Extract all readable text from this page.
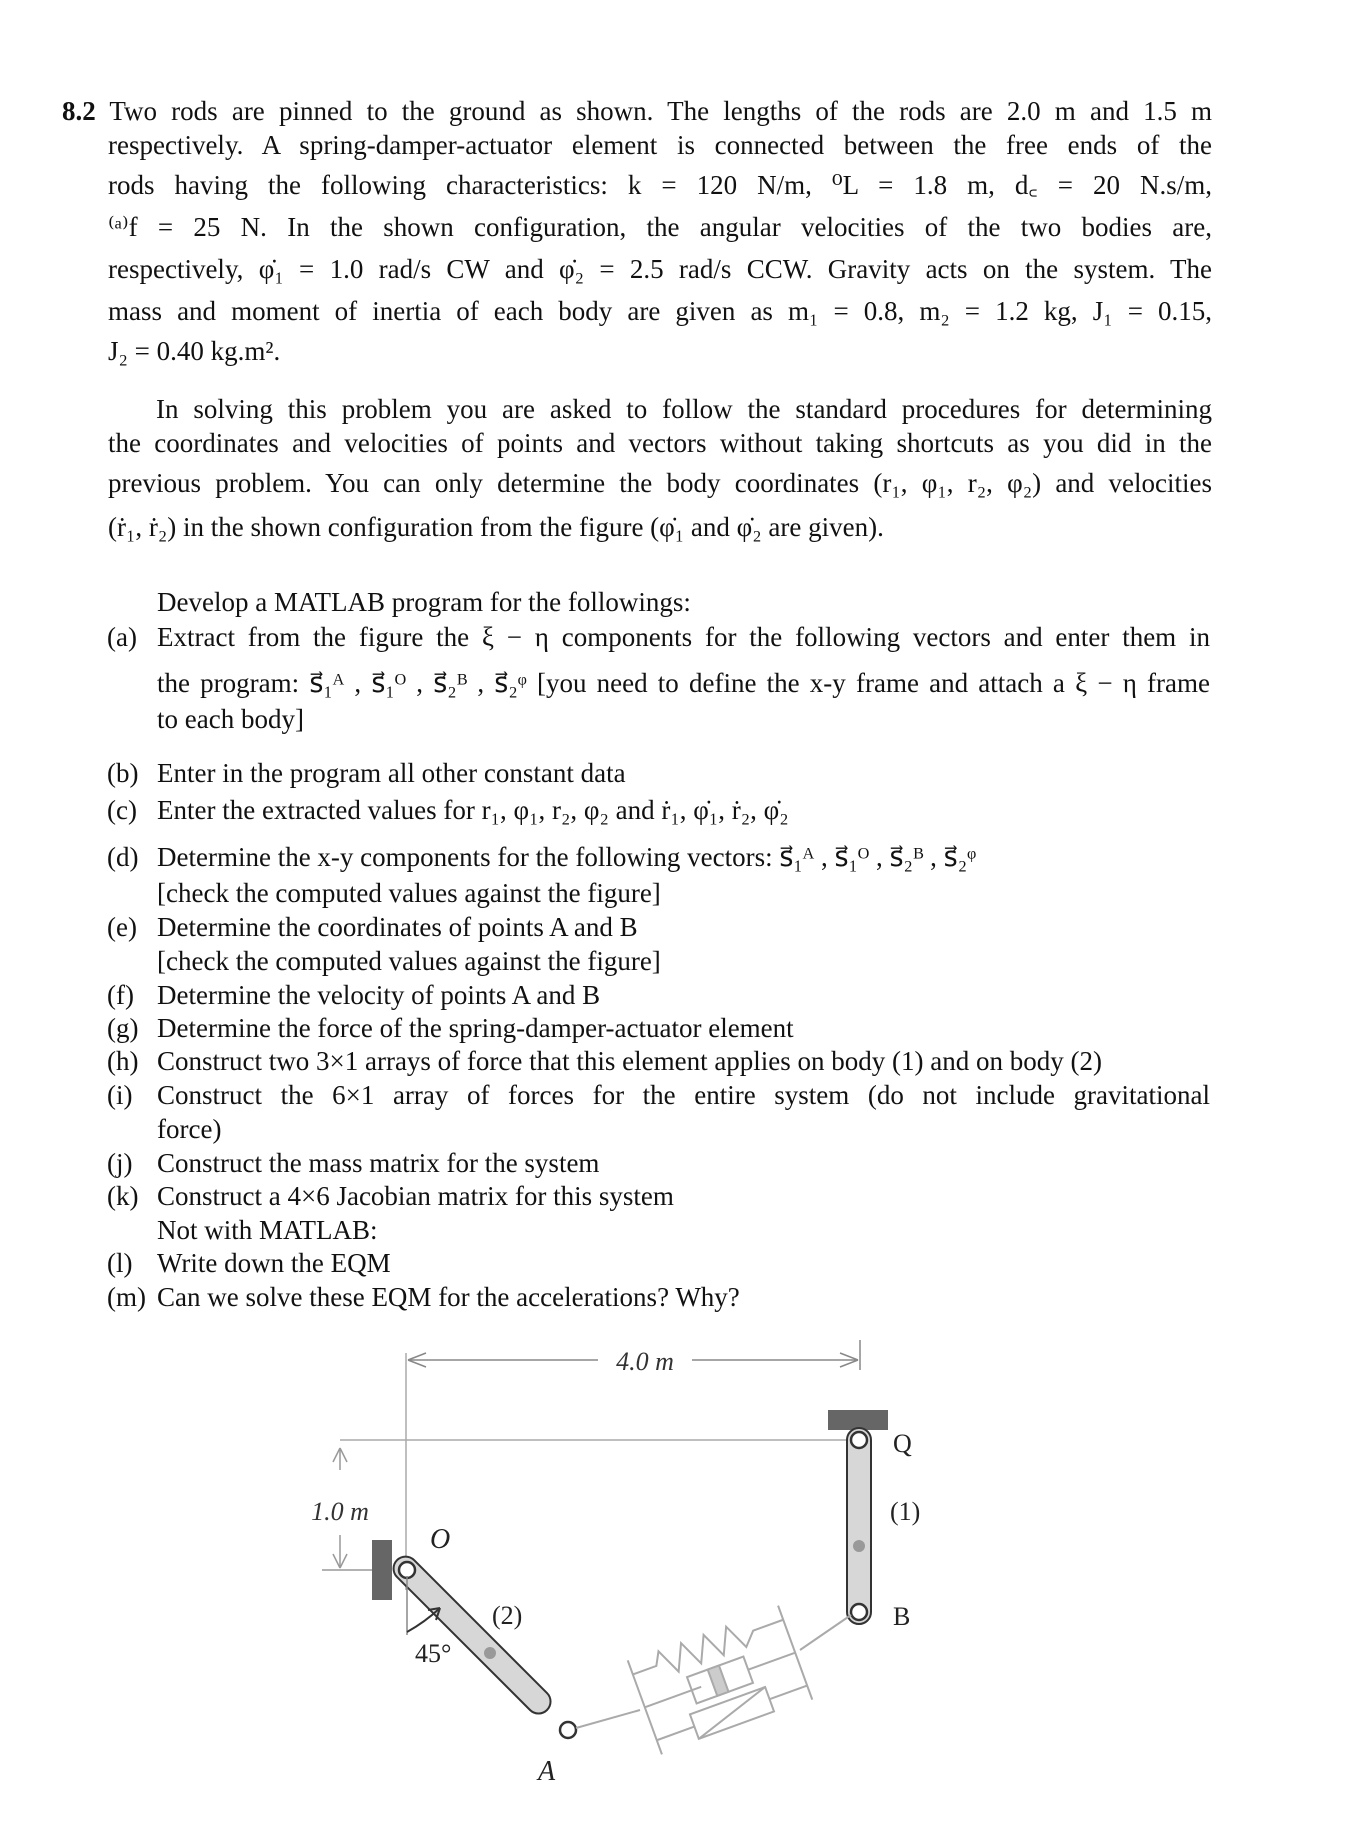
8.2 Two rods are pinned to the ground as shown. The lengths of the rods are 2.0 m and 1.5 m
respectively. A spring-damper-actuator element is connected between the free ends of the
rods having the following characteristics: k = 120 N/m, ⁰L = 1.8 m, d꜀ = 20 N.s/m,
⁽ᵃ⁾f = 25 N. In the shown configuration, the angular velocities of the two bodies are,
respectively, φ̇₁ = 1.0 rad/s CW and φ̇₂ = 2.5 rad/s CCW. Gravity acts on the system. The
mass and moment of inertia of each body are given as m₁ = 0.8, m₂ = 1.2 kg, J₁ = 0.15,
J₂ = 0.40 kg.m².
In solving this problem you are asked to follow the standard procedures for determining
the coordinates and velocities of points and vectors without taking shortcuts as you did in the
previous problem. You can only determine the body coordinates (r₁, φ₁, r₂, φ₂) and velocities
(ṙ₁, ṙ₂) in the shown configuration from the figure (φ̇₁ and φ̇₂ are given).
Develop a MATLAB program for the followings:
(a) Extract from the figure the ξ − η components for the following vectors and enter them in
the program: s⃗₁ᴬ , s⃗₁ᴼ , s⃗₂ᴮ , s⃗₂ᵠ [you need to define the x-y frame and attach a ξ − η frame
to each body]
(b) Enter in the program all other constant data
(c) Enter the extracted values for r₁, φ₁, r₂, φ₂ and ṙ₁, φ̇₁, ṙ₂, φ̇₂
(d) Determine the x-y components for the following vectors: s⃗₁ᴬ , s⃗₁ᴼ , s⃗₂ᴮ , s⃗₂ᵠ
[check the computed values against the figure]
(e) Determine the coordinates of points A and B
[check the computed values against the figure]
(f) Determine the velocity of points A and B
(g) Determine the force of the spring-damper-actuator element
(h) Construct two 3×1 arrays of force that this element applies on body (1) and on body (2)
(i) Construct the 6×1 array of forces for the entire system (do not include gravitational
force)
(j) Construct the mass matrix for the system
(k) Construct a 4×6 Jacobian matrix for this system
Not with MATLAB:
(l) Write down the EQM
(m) Can we solve these EQM for the accelerations? Why?
4.0 m
1.0 m
Q
(1)
B
O
(2)
A
45°
